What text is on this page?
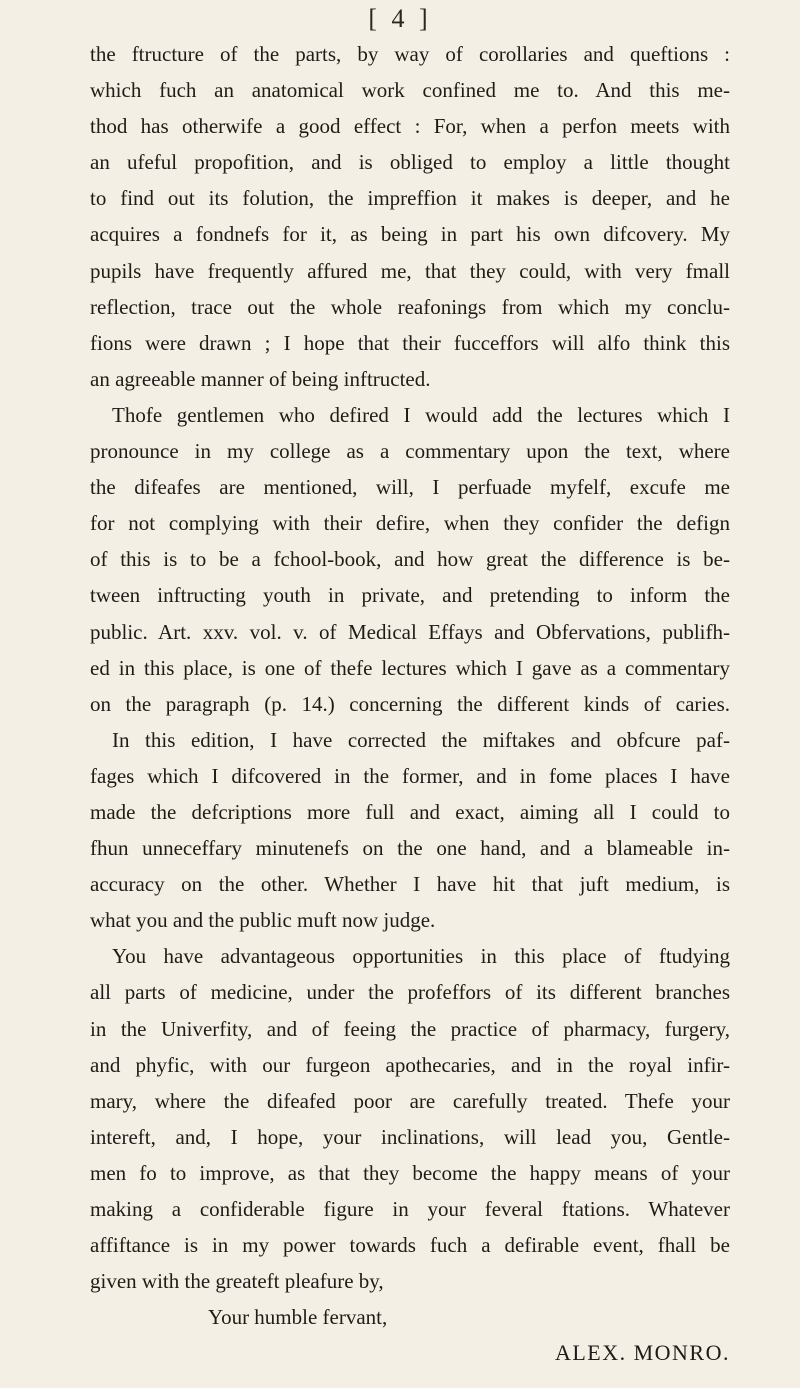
[ 4 ]
the ftructure of the parts, by way of corollaries and queftions :
which fuch an anatomical work confined me to. And this me-
thod has otherwife a good effect : For, when a perfon meets with
an ufeful propofition, and is obliged to employ a little thought
to find out its folution, the impreffion it makes is deeper, and he
acquires a fondnefs for it, as being in part his own difcovery. My
pupils have frequently affured me, that they could, with very fmall
reflection, trace out the whole reafonings from which my conclu-
fions were drawn ; I hope that their fucceffors will alfo think this
an agreeable manner of being inftructed.
Thofe gentlemen who defired I would add the lectures which I
pronounce in my college as a commentary upon the text, where
the difeafes are mentioned, will, I perfuade myfelf, excufe me
for not complying with their defire, when they confider the defign
of this is to be a fchool-book, and how great the difference is be-
tween inftructing youth in private, and pretending to inform the
public. Art. xxv. vol. v. of Medical Effays and Obfervations, publifh-
ed in this place, is one of thefe lectures which I gave as a commentary
on the paragraph (p. 14.) concerning the different kinds of caries.
In this edition, I have corrected the miftakes and obfcure paf-
fages which I difcovered in the former, and in fome places I have
made the defcriptions more full and exact, aiming all I could to
fhun unneceffary minutenefs on the one hand, and a blameable in-
accuracy on the other. Whether I have hit that juft medium, is
what you and the public muft now judge.
You have advantageous opportunities in this place of ftudying
all parts of medicine, under the profeffors of its different branches
in the Univerfity, and of feeing the practice of pharmacy, furgery,
and phyfic, with our furgeon apothecaries, and in the royal infir-
mary, where the difeafed poor are carefully treated. Thefe your
intereft, and, I hope, your inclinations, will lead you, Gentle-
men fo to improve, as that they become the happy means of your
making a confiderable figure in your feveral ftations. Whatever
affiftance is in my power towards fuch a defirable event, fhall be
given with the greateft pleafure by,
Your humble fervant,
ALEX. MONRO.
